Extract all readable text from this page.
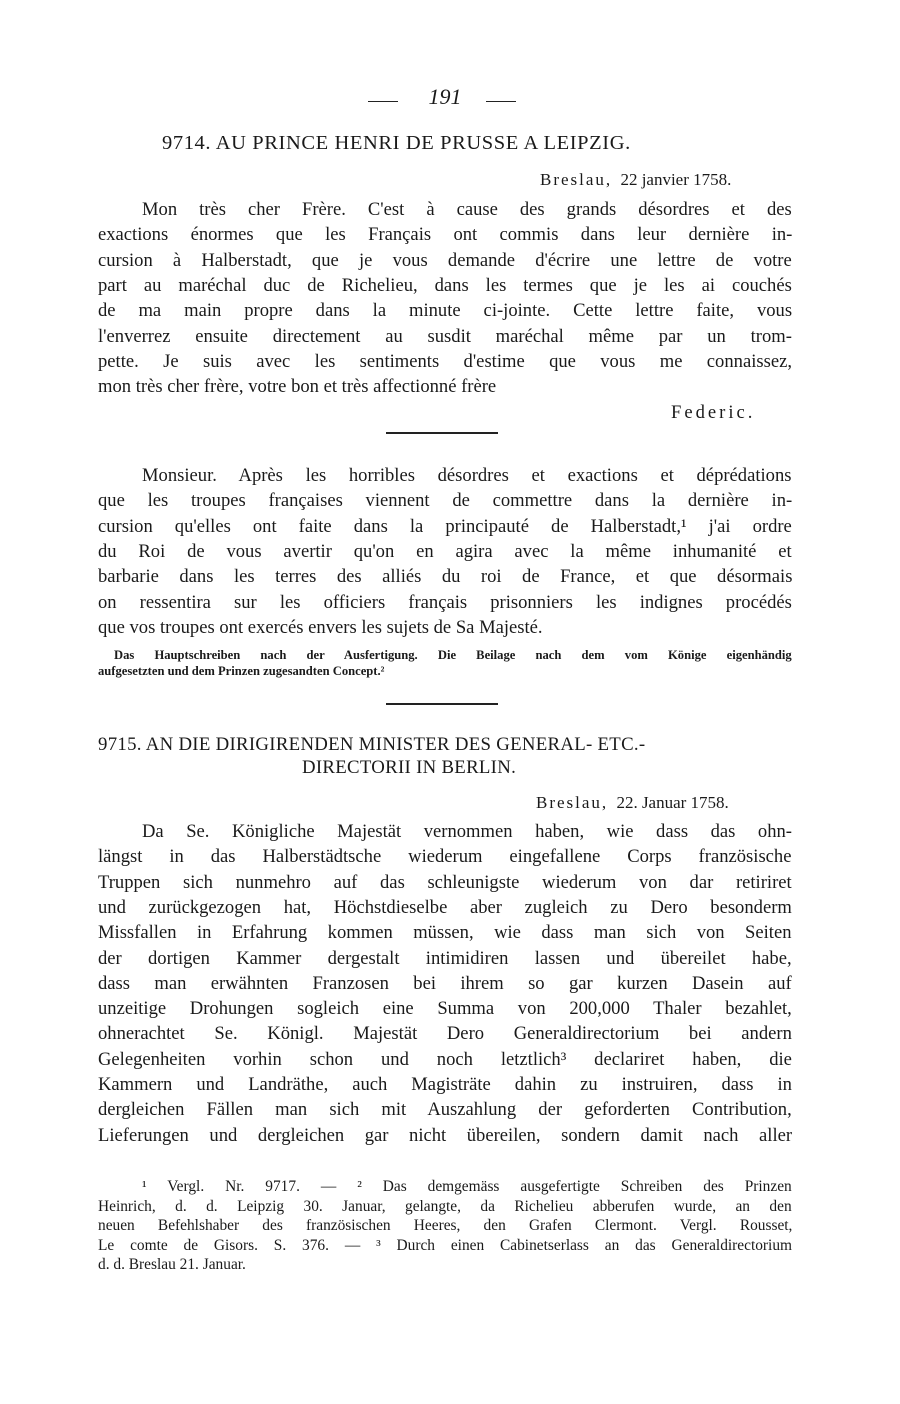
191
9714. AU PRINCE HENRI DE PRUSSE A LEIPZIG.
Breslau, 22 janvier 1758.
Mon très cher Frère. C'est à cause des grands désordres et des
exactions énormes que les Français ont commis dans leur dernière in-
cursion à Halberstadt, que je vous demande d'écrire une lettre de votre
part au maréchal duc de Richelieu, dans les termes que je les ai couchés
de ma main propre dans la minute ci-jointe. Cette lettre faite, vous
l'enverrez ensuite directement au susdit maréchal même par un trom-
pette. Je suis avec les sentiments d'estime que vous me connaissez,
mon très cher frère, votre bon et très affectionné frère
Federic.
Monsieur. Après les horribles désordres et exactions et déprédations
que les troupes françaises viennent de commettre dans la dernière in-
cursion qu'elles ont faite dans la principauté de Halberstadt,¹ j'ai ordre
du Roi de vous avertir qu'on en agira avec la même inhumanité et
barbarie dans les terres des alliés du roi de France, et que désormais
on ressentira sur les officiers français prisonniers les indignes procédés
que vos troupes ont exercés envers les sujets de Sa Majesté.
Das Hauptschreiben nach der Ausfertigung. Die Beilage nach dem vom Könige eigenhändig
aufgesetzten und dem Prinzen zugesandten Concept.²
9715. AN DIE DIRIGIRENDEN MINISTER DES GENERAL- ETC.-
DIRECTORII IN BERLIN.
Breslau, 22. Januar 1758.
Da Se. Königliche Majestät vernommen haben, wie dass das ohn-
längst in das Halberstädtsche wiederum eingefallene Corps französische
Truppen sich nunmehro auf das schleunigste wiederum von dar retiriret
und zurückgezogen hat, Höchstdieselbe aber zugleich zu Dero besonderm
Missfallen in Erfahrung kommen müssen, wie dass man sich von Seiten
der dortigen Kammer dergestalt intimidiren lassen und übereilet habe,
dass man erwähnten Franzosen bei ihrem so gar kurzen Dasein auf
unzeitige Drohungen sogleich eine Summa von 200,000 Thaler bezahlet,
ohnerachtet Se. Königl. Majestät Dero Generaldirectorium bei andern
Gelegenheiten vorhin schon und noch letztlich³ declariret haben, die
Kammern und Landräthe, auch Magisträte dahin zu instruiren, dass in
dergleichen Fällen man sich mit Auszahlung der geforderten Contribution,
Lieferungen und dergleichen gar nicht übereilen, sondern damit nach aller
¹ Vergl. Nr. 9717. — ² Das demgemäss ausgefertigte Schreiben des Prinzen
Heinrich, d. d. Leipzig 30. Januar, gelangte, da Richelieu abberufen wurde, an den
neuen Befehlshaber des französischen Heeres, den Grafen Clermont. Vergl. Rousset,
Le comte de Gisors. S. 376. — ³ Durch einen Cabinetserlass an das Generaldirectorium
d. d. Breslau 21. Januar.
